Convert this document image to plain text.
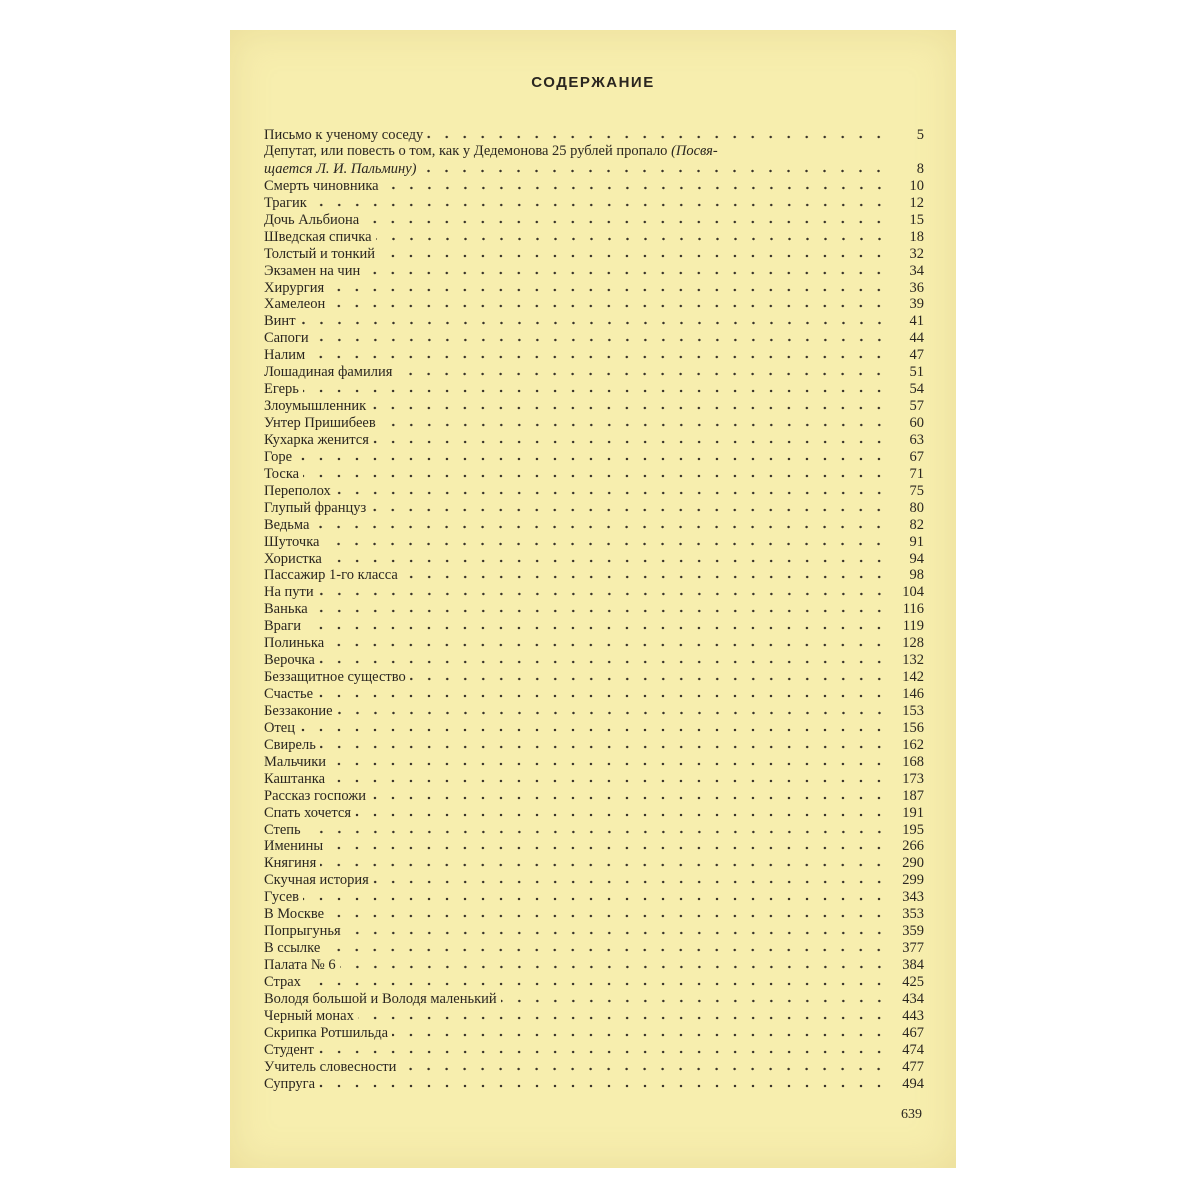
СОДЕРЖАНИЕ
Письмо к ученому соседу	5
Депутат, или повесть о том, как у Дедемонова 25 рублей пропало (Посвя-
щается Л. И. Пальмину)	8
Смерть чиновника	10
Трагик	12
Дочь Альбиона	15
Шведская спичка	18
Толстый и тонкий	32
Экзамен на чин	34
Хирургия	36
Хамелеон	39
Винт	41
Сапоги	44
Налим	47
Лошадиная фамилия	51
Егерь	54
Злоумышленник	57
Унтер Пришибеев	60
Кухарка женится	63
Горе	67
Тоска	71
Переполох	75
Глупый француз	80
Ведьма	82
Шуточка	91
Хористка	94
Пассажир 1-го класса	98
На пути	104
Ванька	116
Враги	119
Полинька	128
Верочка	132
Беззащитное существо	142
Счастье	146
Беззаконие	153
Отец	156
Свирель	162
Мальчики	168
Каштанка	173
Рассказ госпожи	187
Спать хочется	191
Степь	195
Именины	266
Княгиня	290
Скучная история	299
Гусев	343
В Москве	353
Попрыгунья	359
В ссылке	377
Палата № 6	384
Страх	425
Володя большой и Володя маленький	434
Черный монах	443
Скрипка Ротшильда	467
Студент	474
Учитель словесности	477
Супруга	494
639
